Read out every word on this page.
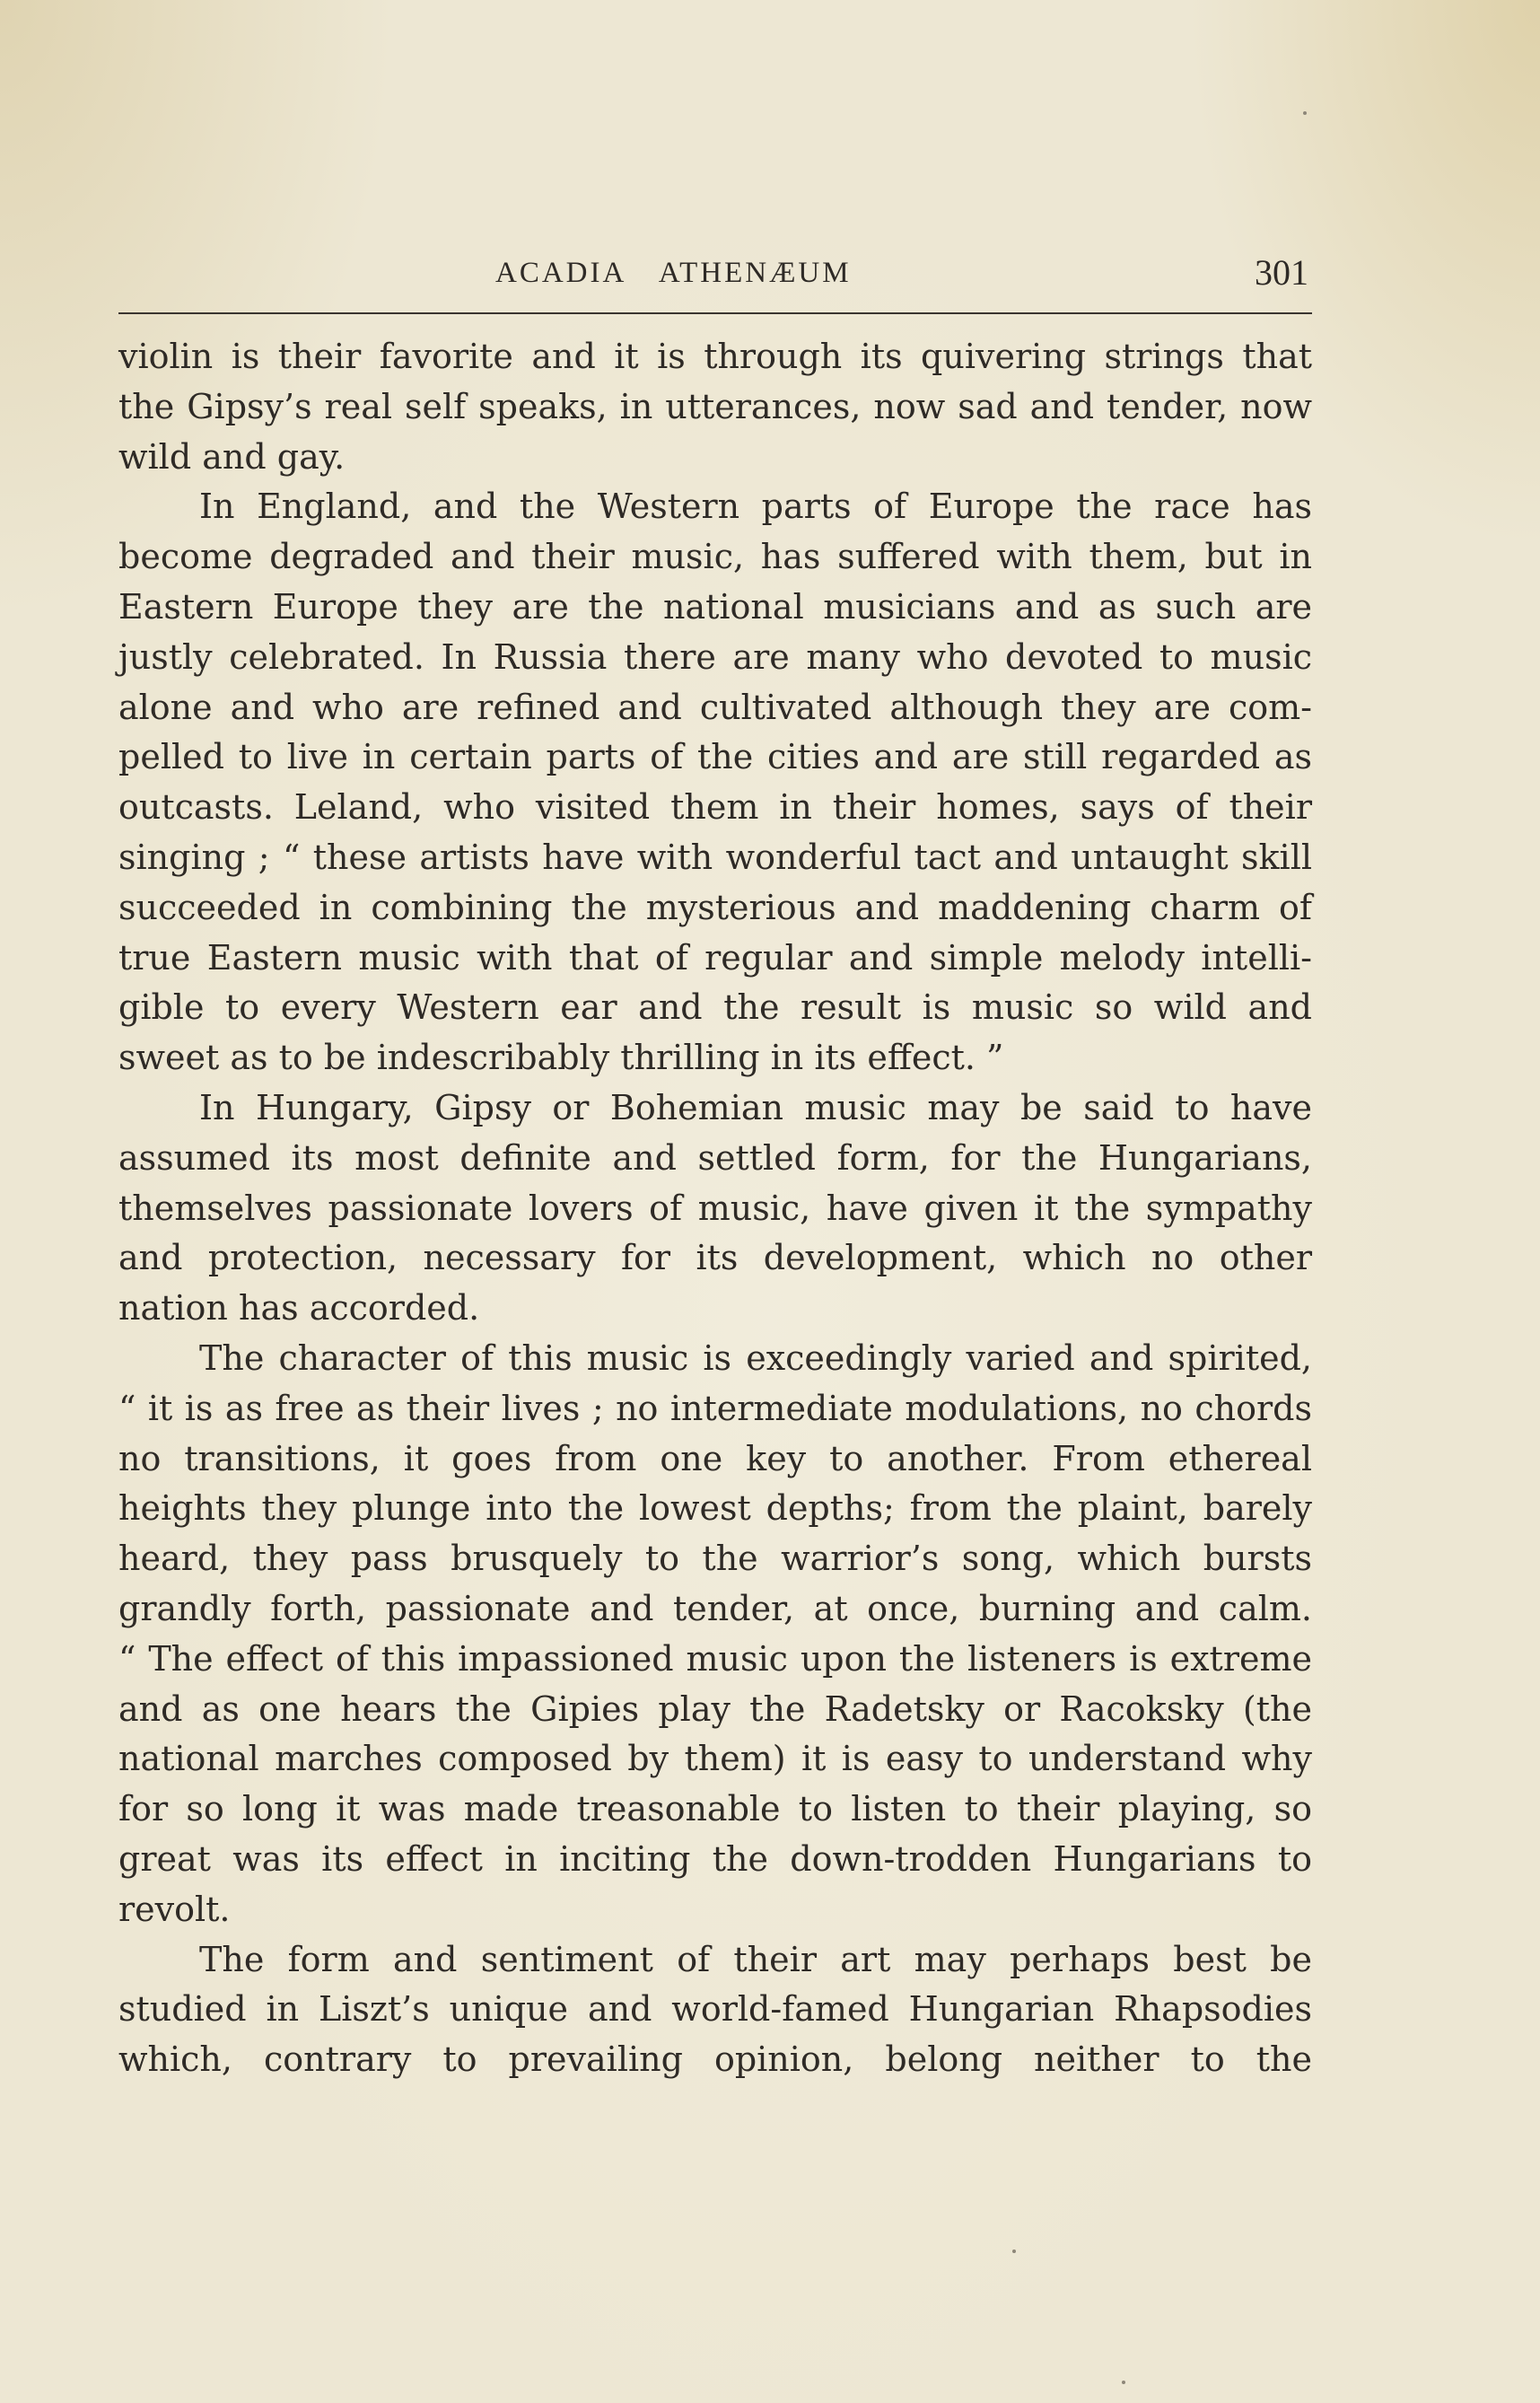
ACADIA ATHENÆUM	301
violin is their favorite and it is through its quivering strings that
the Gipsy’s real self speaks, in utterances, now sad and tender, now
wild and gay.
In England, and the Western parts of Europe the race has
become degraded and their music, has suffered with them, but in
Eastern Europe they are the national musicians and as such are
justly celebrated. In Russia there are many who devoted to music
alone and who are refined and cultivated although they are com-
pelled to live in certain parts of the cities and are still regarded as
outcasts. Leland, who visited them in their homes, says of their
singing ; “ these artists have with wonderful tact and untaught skill
succeeded in combining the mysterious and maddening charm of
true Eastern music with that of regular and simple melody intelli-
gible to every Western ear and the result is music so wild and
sweet as to be indescribably thrilling in its effect. ”
In Hungary, Gipsy or Bohemian music may be said to have
assumed its most definite and settled form, for the Hungarians,
themselves passionate lovers of music, have given it the sympathy
and protection, necessary for its development, which no other
nation has accorded.
The character of this music is exceedingly varied and spirited,
“ it is as free as their lives ; no intermediate modulations, no chords
no transitions, it goes from one key to another. From ethereal
heights they plunge into the lowest depths; from the plaint, barely
heard, they pass brusquely to the warrior’s song, which bursts
grandly forth, passionate and tender, at once, burning and calm.
“ The effect of this impassioned music upon the listeners is extreme
and as one hears the Gipies play the Radetsky or Racoksky (the
national marches composed by them) it is easy to understand why
for so long it was made treasonable to listen to their playing, so
great was its effect in inciting the down-trodden Hungarians to
revolt.
The form and sentiment of their art may perhaps best be
studied in Liszt’s unique and world-famed Hungarian Rhapsodies
which, contrary to prevailing opinion, belong neither to the
